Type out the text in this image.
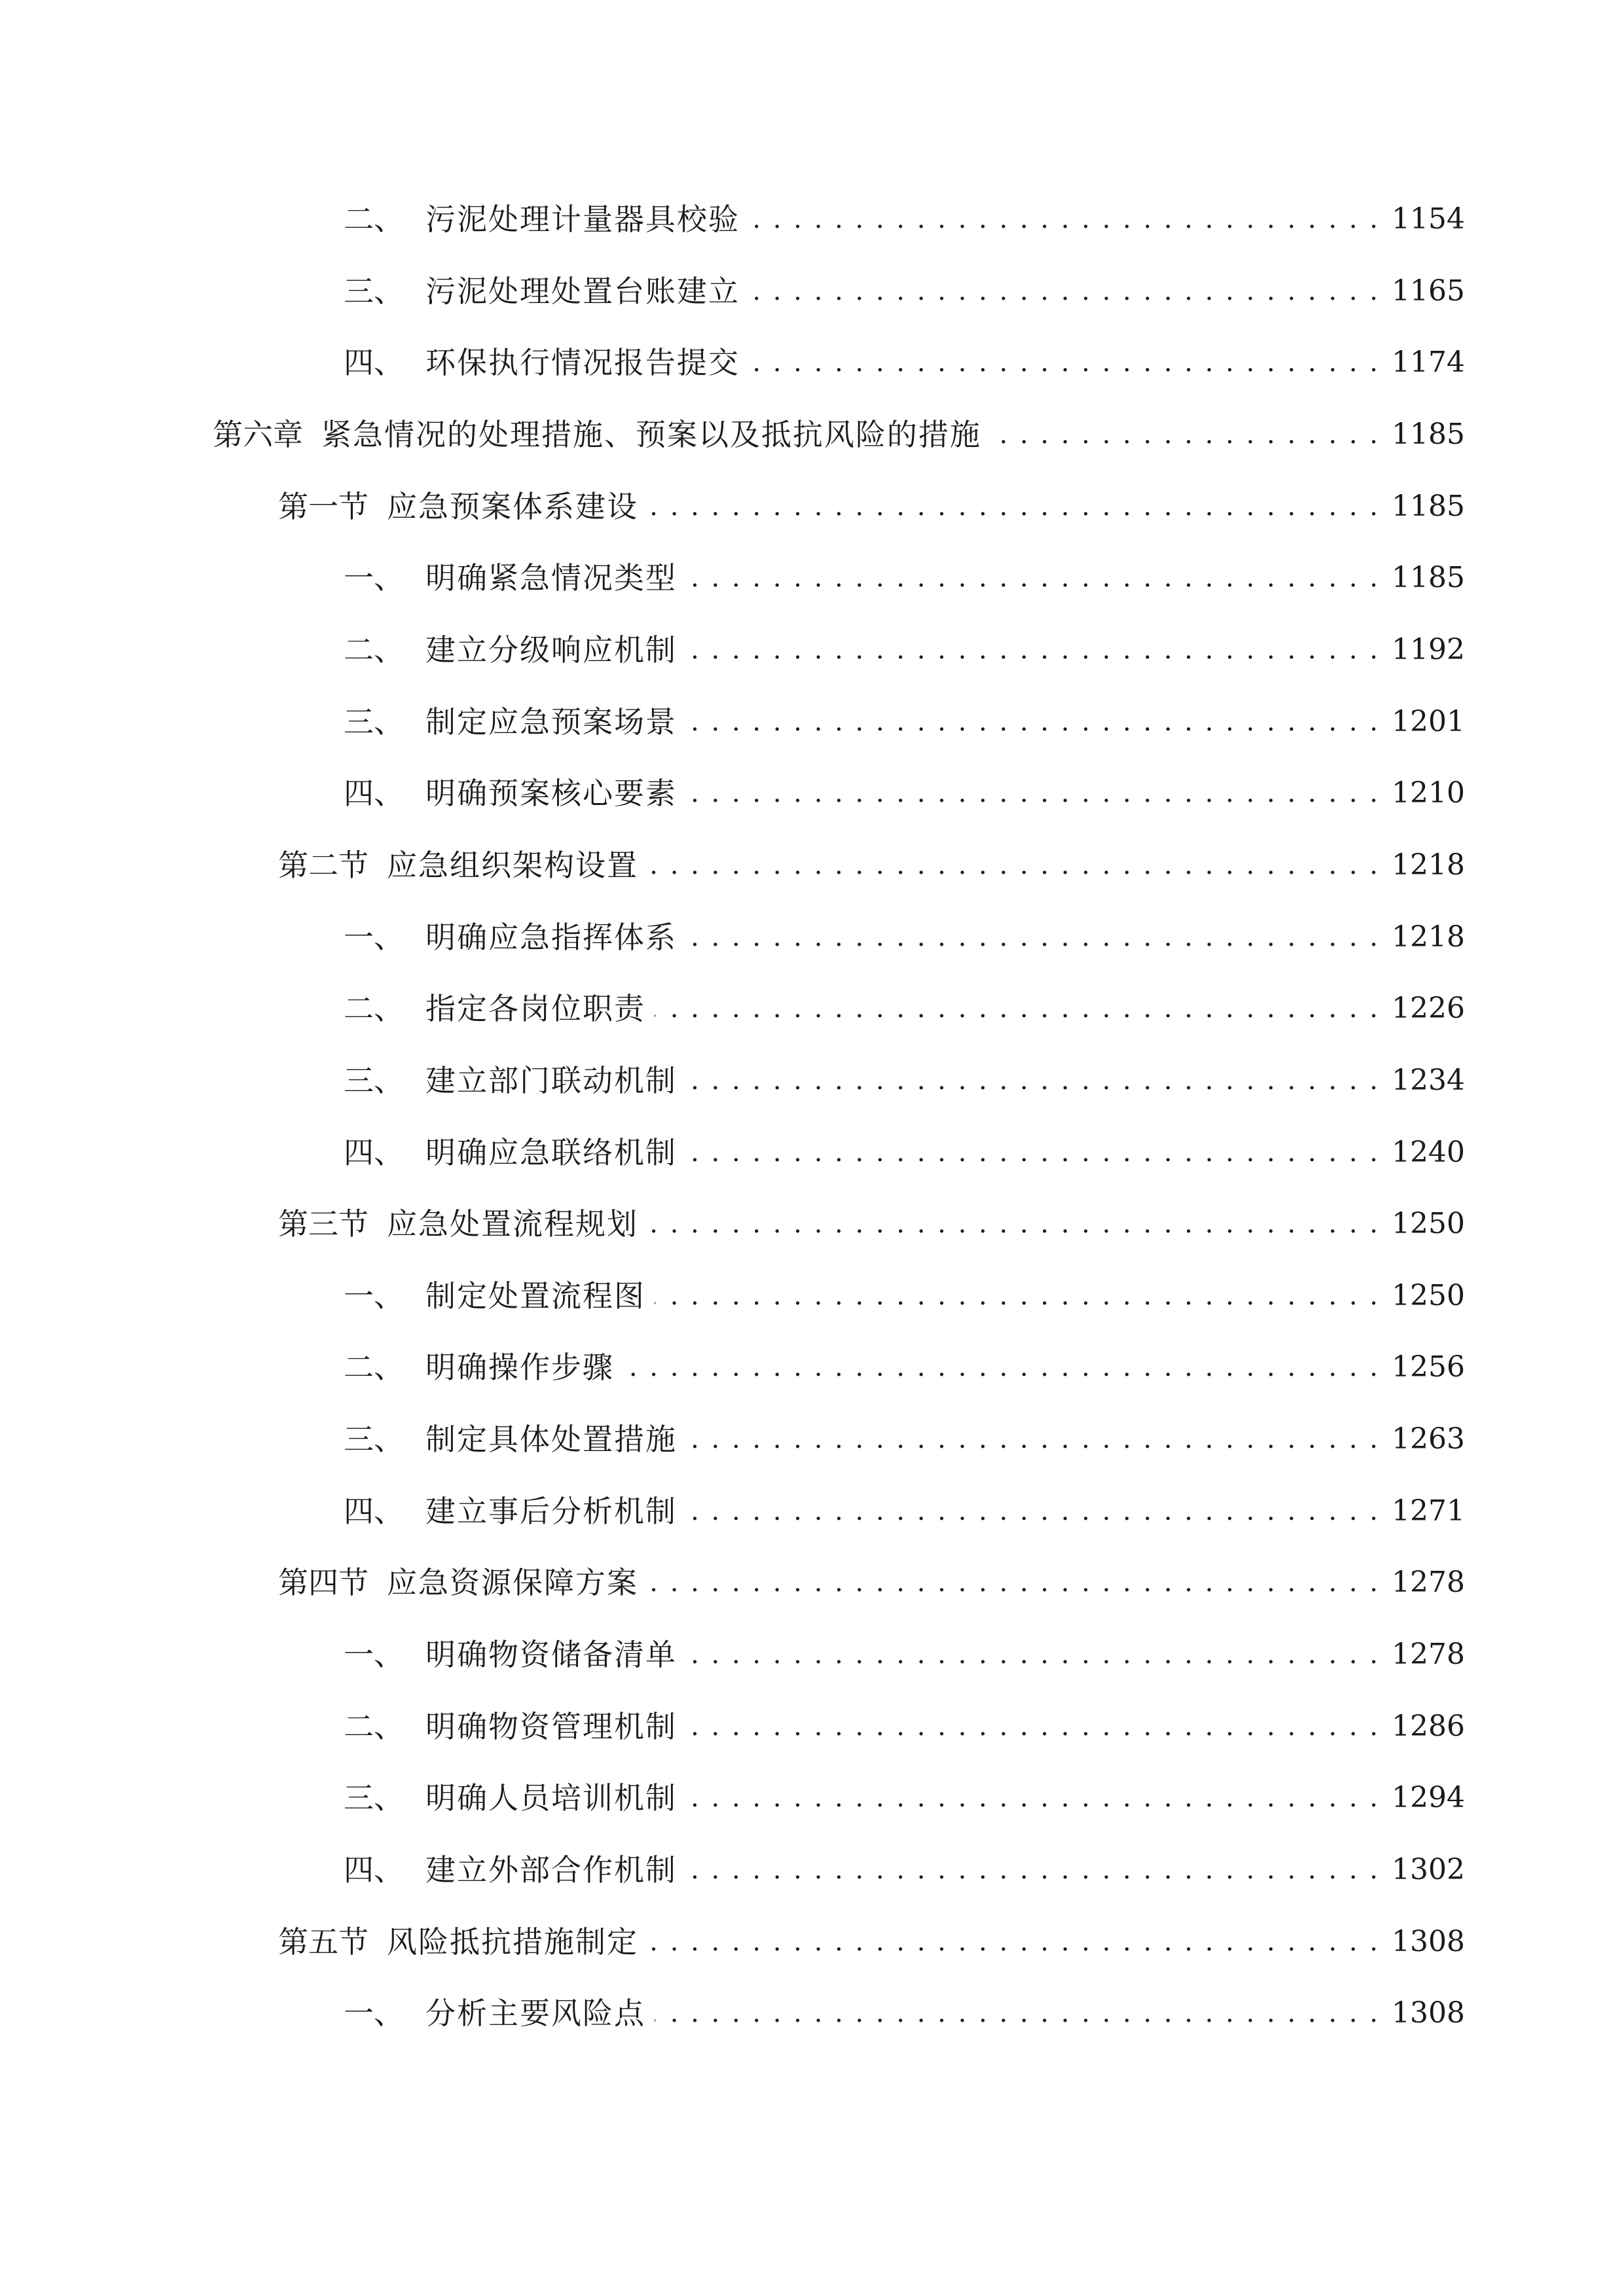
二、 污泥处理计量器具校验 . . .	1154
三、 污泥处理处置台账建立 . . .	1165
四、 环保执行情况报告提交 . . .	1174
第六章 紧急情况的处理措施、预案以及抵抗风险的措施 . . .	1185
第一节 应急预案体系建设 . . .	1185
一、 明确紧急情况类型 . . .	1185
二、 建立分级响应机制 . . .	1192
三、 制定应急预案场景 . . .	1201
四、 明确预案核心要素 . . .	1210
第二节 应急组织架构设置 . . .	1218
一、 明确应急指挥体系 . . .	1218
二、 指定各岗位职责 . . .	1226
三、 建立部门联动机制 . . .	1234
四、 明确应急联络机制 . . .	1240
第三节 应急处置流程规划 . . .	1250
一、 制定处置流程图 . . .	1250
二、 明确操作步骤 . . .	1256
三、 制定具体处置措施 . . .	1263
四、 建立事后分析机制 . . .	1271
第四节 应急资源保障方案 . . .	1278
一、 明确物资储备清单 . . .	1278
二、 明确物资管理机制 . . .	1286
三、 明确人员培训机制 . . .	1294
四、 建立外部合作机制 . . .	1302
第五节 风险抵抗措施制定 . . .	1308
一、 分析主要风险点 . . .	1308
